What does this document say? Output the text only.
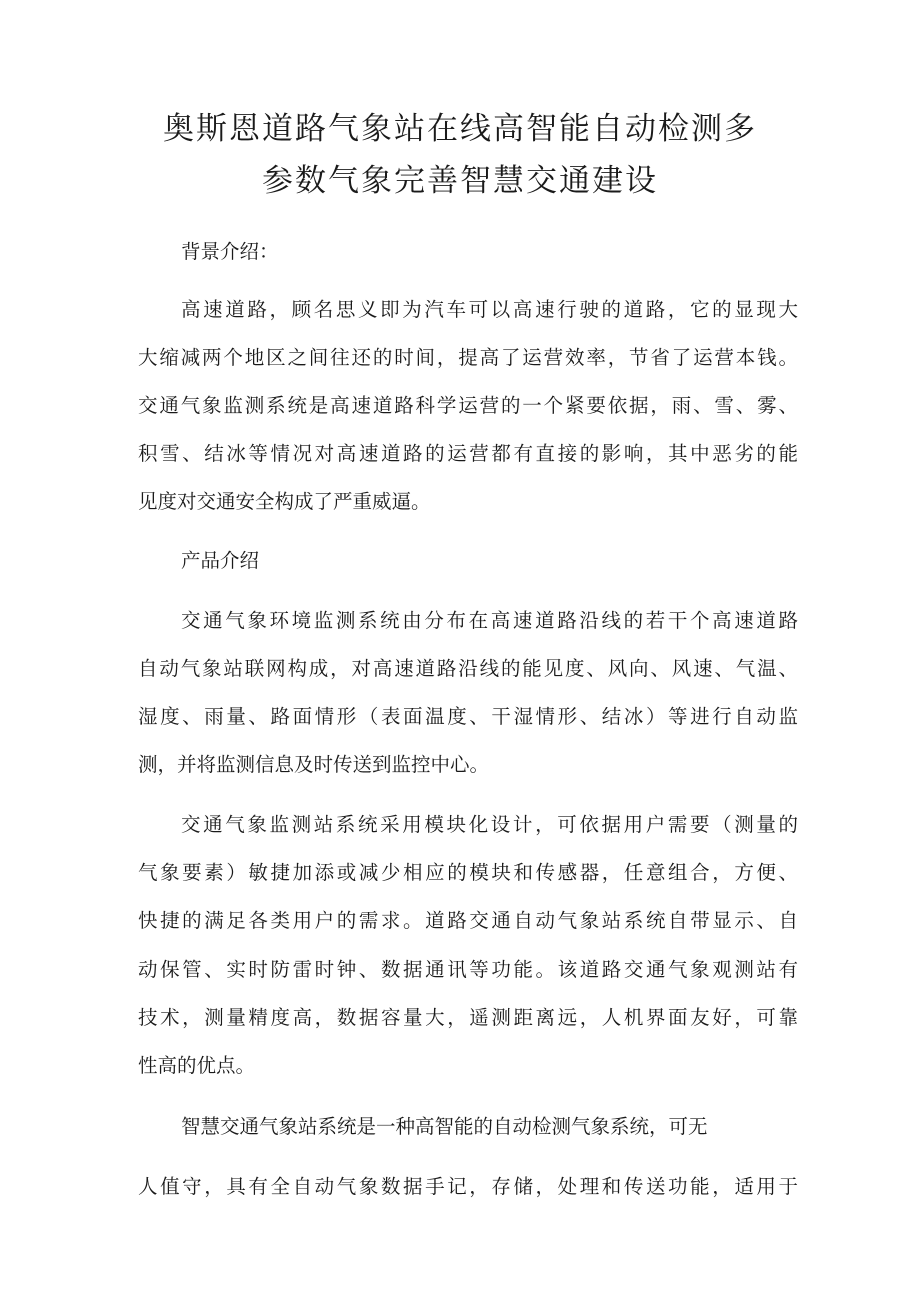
奥斯恩道路气象站在线高智能自动检测多
参数气象完善智慧交通建设

背景介绍：

高速道路，顾名思义即为汽车可以高速行驶的道路，它的显现大

大缩减两个地区之间往还的时间，提高了运营效率，节省了运营本钱。

交通气象监测系统是高速道路科学运营的一个紧要依据，雨、雪、雾、

积雪、结冰等情况对高速道路的运营都有直接的影响，其中恶劣的能

见度对交通安全构成了严重威逼。

产品介绍

交通气象环境监测系统由分布在高速道路沿线的若干个高速道路

自动气象站联网构成，对高速道路沿线的能见度、风向、风速、气温、

湿度、雨量、路面情形（表面温度、干湿情形、结冰）等进行自动监

测，并将监测信息及时传送到监控中心。

交通气象监测站系统采用模块化设计，可依据用户需要（测量的

气象要素）敏捷加添或减少相应的模块和传感器，任意组合，方便、

快捷的满足各类用户的需求。道路交通自动气象站系统自带显示、自

动保管、实时防雷时钟、数据通讯等功能。该道路交通气象观测站有

技术，测量精度高，数据容量大，遥测距离远，人机界面友好，可靠

性高的优点。

智慧交通气象站系统是一种高智能的自动检测气象系统，可无

人值守，具有全自动气象数据手记，存储，处理和传送功能，适用于
